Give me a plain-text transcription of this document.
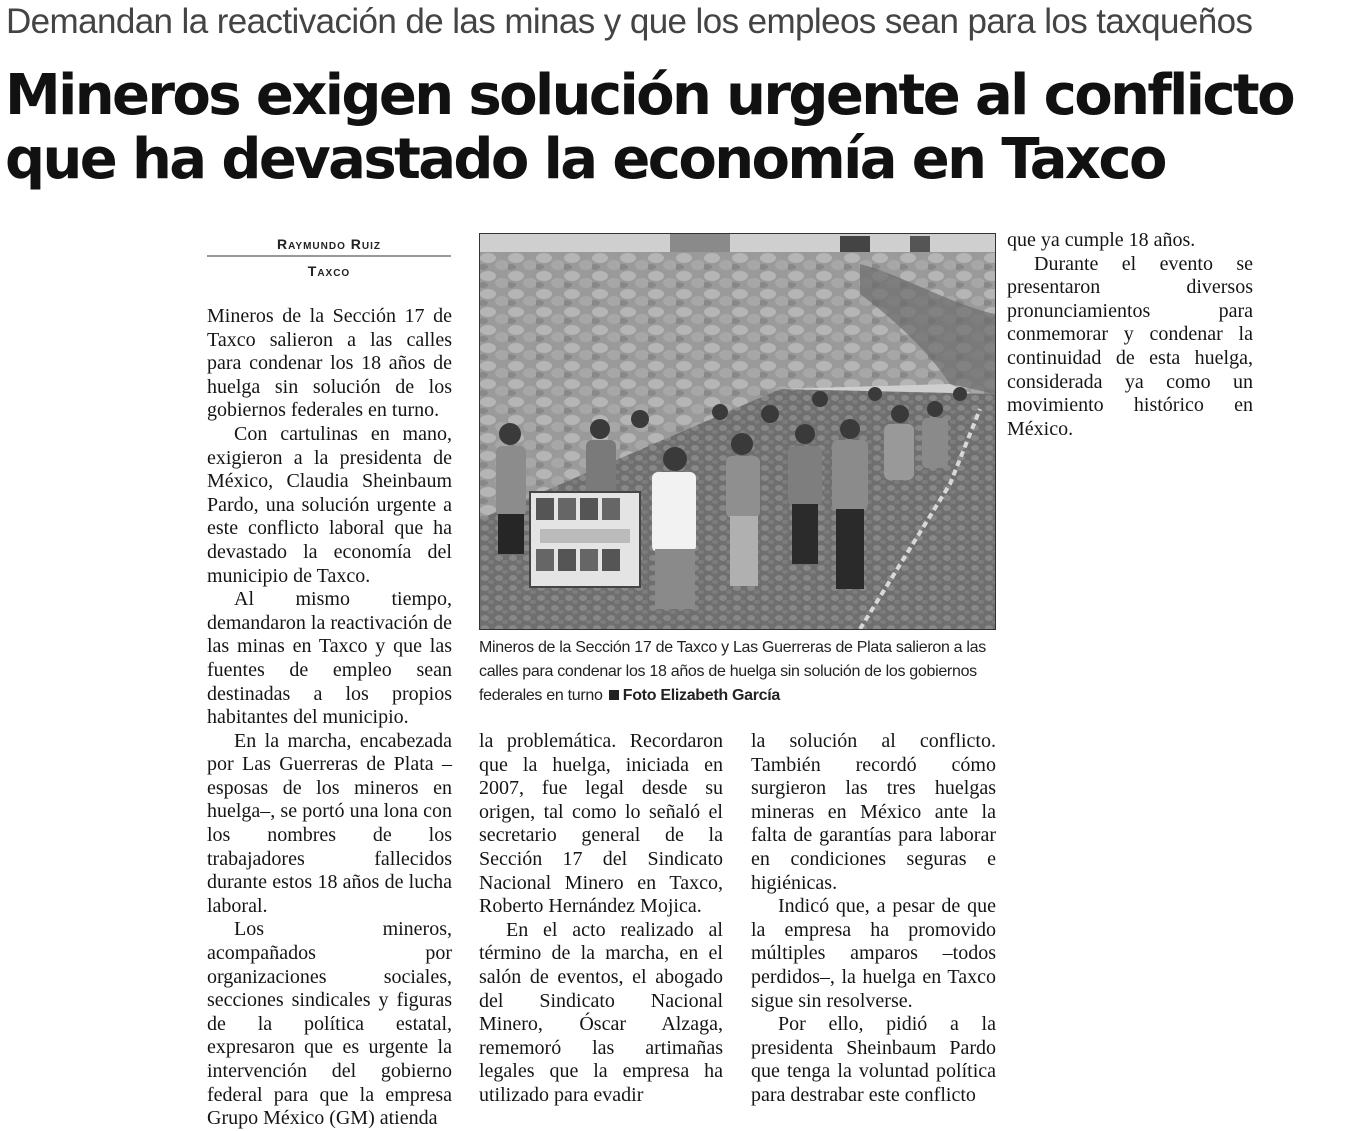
Demandan la reactivación de las minas y que los empleos sean para los taxqueños
Mineros exigen solución urgente al conflicto
que ha devastado la economía en Taxco
Raymundo Ruiz
Taxco

Mineros de la Sección 17 de Taxco salieron a las calles para condenar los 18 años de huelga sin solución de los gobiernos federales en turno.

Con cartulinas en mano, exigieron a la presidenta de México, Claudia Sheinbaum Pardo, una solución urgente a este conflicto laboral que ha devastado la economía del municipio de Taxco.

Al mismo tiempo, demandaron la reactivación de las minas en Taxco y que las fuentes de empleo sean destinadas a los propios habitantes del municipio.

En la marcha, encabezada por Las Guerreras de Plata –esposas de los mineros en huelga–, se portó una lona con los nombres de los trabajadores fallecidos durante estos 18 años de lucha laboral.

Los mineros, acompañados por organizaciones sociales, secciones sindicales y figuras de la política estatal, expresaron que es urgente la intervención del gobierno federal para que la empresa Grupo México (GM) atienda

Mineros de la Sección 17 de Taxco y Las Guerreras de Plata salieron a las calles para condenar los 18 años de huelga sin solución de los gobiernos federales en turno Foto Elizabeth García

la problemática. Recordaron que la huelga, iniciada en 2007, fue legal desde su origen, tal como lo señaló el secretario general de la Sección 17 del Sindicato Nacional Minero en Taxco, Roberto Hernández Mojica.

En el acto realizado al término de la marcha, en el salón de eventos, el abogado del Sindicato Nacional Minero, Óscar Alzaga, rememoró las artimañas legales que la empresa ha utilizado para evadir

la solución al conflicto. También recordó cómo surgieron las tres huelgas mineras en México ante la falta de garantías para laborar en condiciones seguras e higiénicas.

Indicó que, a pesar de que la empresa ha promovido múltiples amparos –todos perdidos–, la huelga en Taxco sigue sin resolverse.

Por ello, pidió a la presidenta Sheinbaum Pardo que tenga la voluntad política para destrabar este conflicto

que ya cumple 18 años.

Durante el evento se presentaron diversos pronunciamientos para conmemorar y condenar la continuidad de esta huelga, considerada ya como un movimiento histórico en México.
